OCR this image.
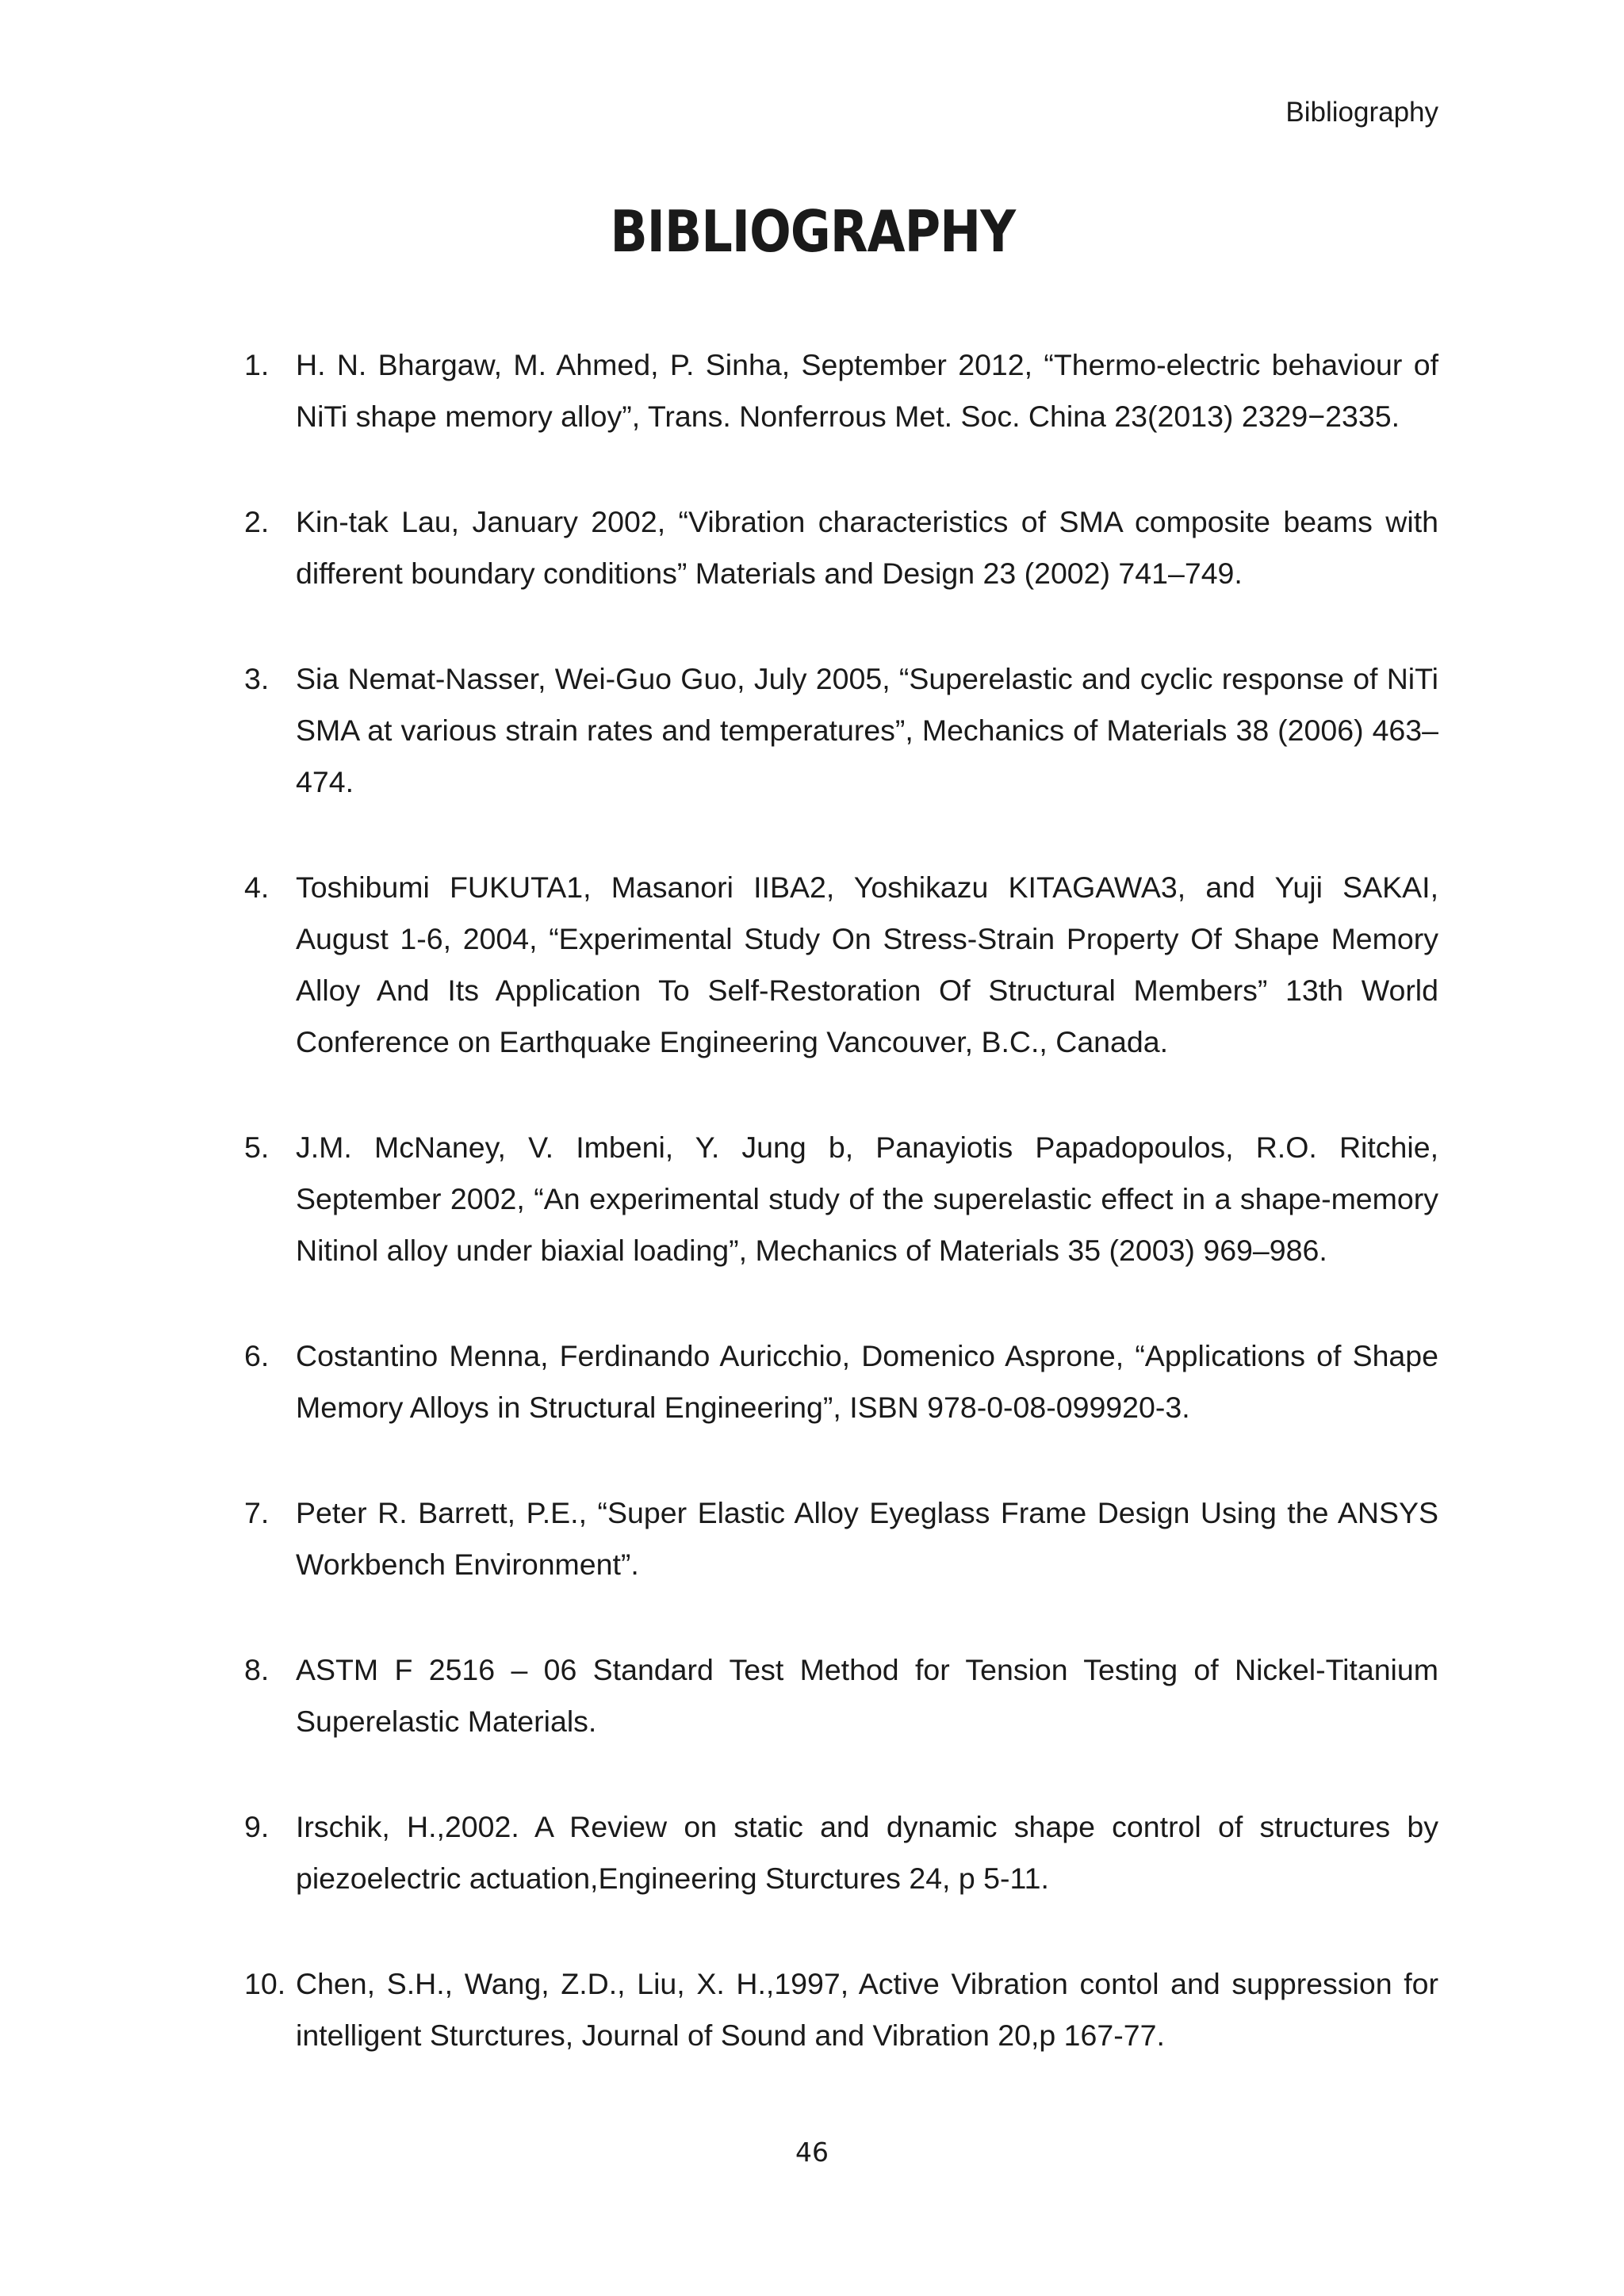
Bibliography
BIBLIOGRAPHY
1. H. N. Bhargaw, M. Ahmed, P. Sinha, September 2012, “Thermo-electric behaviour of NiTi shape memory alloy”, Trans. Nonferrous Met. Soc. China 23(2013) 2329−2335.
2. Kin-tak Lau, January 2002, “Vibration characteristics of SMA composite beams with different boundary conditions” Materials and Design 23 (2002) 741–749.
3. Sia Nemat-Nasser, Wei-Guo Guo, July 2005, “Superelastic and cyclic response of NiTi SMA at various strain rates and temperatures”, Mechanics of Materials 38 (2006) 463–474.
4. Toshibumi FUKUTA1, Masanori IIBA2, Yoshikazu KITAGAWA3, and Yuji SAKAI, August 1-6, 2004, “Experimental Study On Stress-Strain Property Of Shape Memory Alloy And Its Application To Self-Restoration Of Structural Members” 13th World Conference on Earthquake Engineering Vancouver, B.C., Canada.
5. J.M. McNaney, V. Imbeni, Y. Jung b, Panayiotis Papadopoulos, R.O. Ritchie, September 2002, “An experimental study of the superelastic effect in a shape-memory Nitinol alloy under biaxial loading”, Mechanics of Materials 35 (2003) 969–986.
6. Costantino Menna, Ferdinando Auricchio, Domenico Asprone, “Applications of Shape Memory Alloys in Structural Engineering”, ISBN 978-0-08-099920-3.
7. Peter R. Barrett, P.E., “Super Elastic Alloy Eyeglass Frame Design Using the ANSYS Workbench Environment”.
8. ASTM F 2516 – 06 Standard Test Method for Tension Testing of Nickel-Titanium Superelastic Materials.
9. Irschik, H.,2002. A Review on static and dynamic shape control of structures by piezoelectric actuation,Engineering Sturctures 24, p 5-11.
10. Chen, S.H., Wang, Z.D., Liu, X. H.,1997, Active Vibration contol and suppression for intelligent Sturctures, Journal of Sound and Vibration 20,p 167-77.
46
